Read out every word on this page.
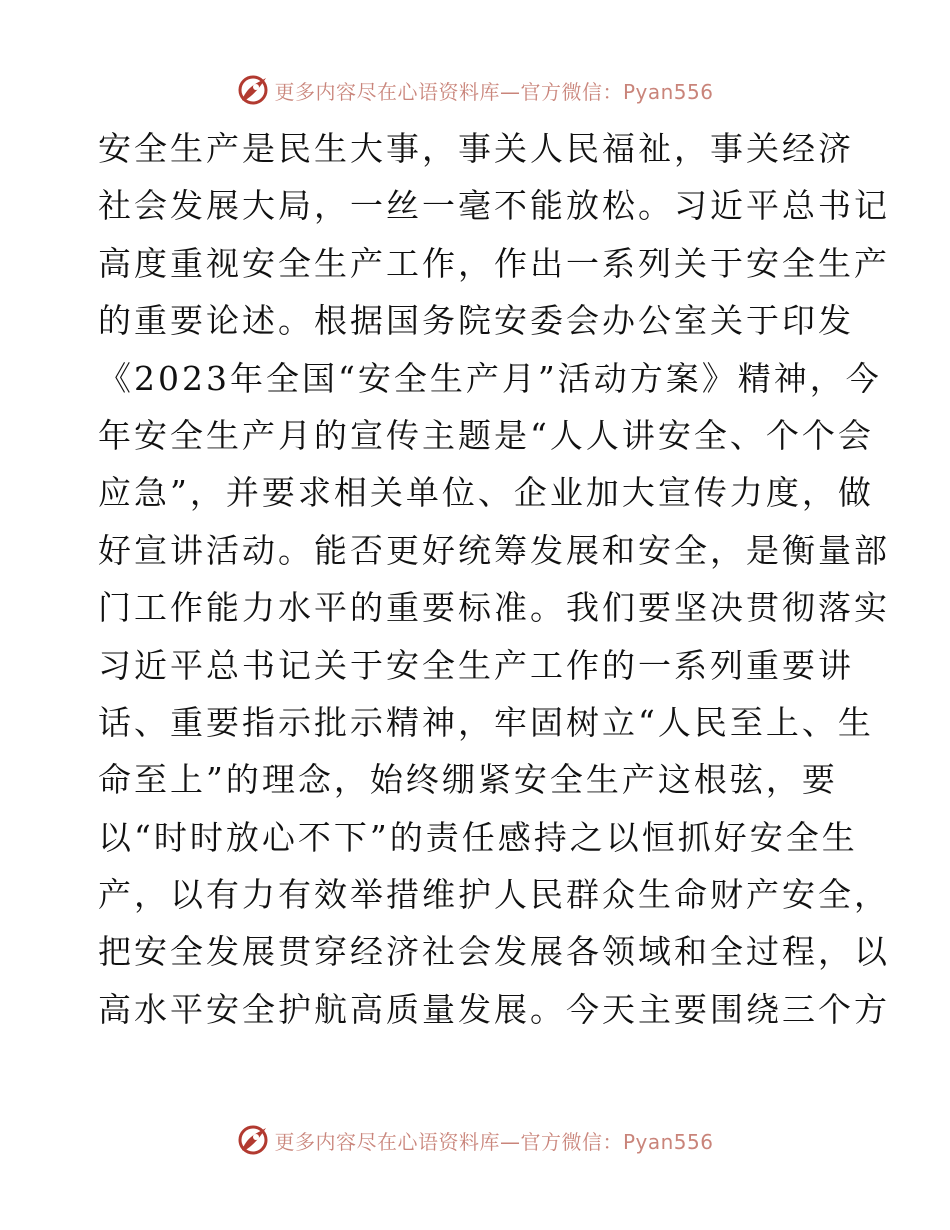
更多内容尽在心语资料库—官方微信：Pyan556
安全生产是民生大事，事关人民福祉，事关经济
社会发展大局，一丝一毫不能放松。习近平总书记
高度重视安全生产工作，作出一系列关于安全生产
的重要论述。根据国务院安委会办公室关于印发
《2023年全国“安全生产月”活动方案》精神，今
年安全生产月的宣传主题是“人人讲安全、个个会
应急”，并要求相关单位、企业加大宣传力度，做
好宣讲活动。能否更好统筹发展和安全，是衡量部
门工作能力水平的重要标准。我们要坚决贯彻落实
习近平总书记关于安全生产工作的一系列重要讲
话、重要指示批示精神，牢固树立“人民至上、生
命至上”的理念，始终绷紧安全生产这根弦，要
以“时时放心不下”的责任感持之以恒抓好安全生
产，以有力有效举措维护人民群众生命财产安全，
把安全发展贯穿经济社会发展各领域和全过程，以
高水平安全护航高质量发展。今天主要围绕三个方
更多内容尽在心语资料库—官方微信：Pyan556
